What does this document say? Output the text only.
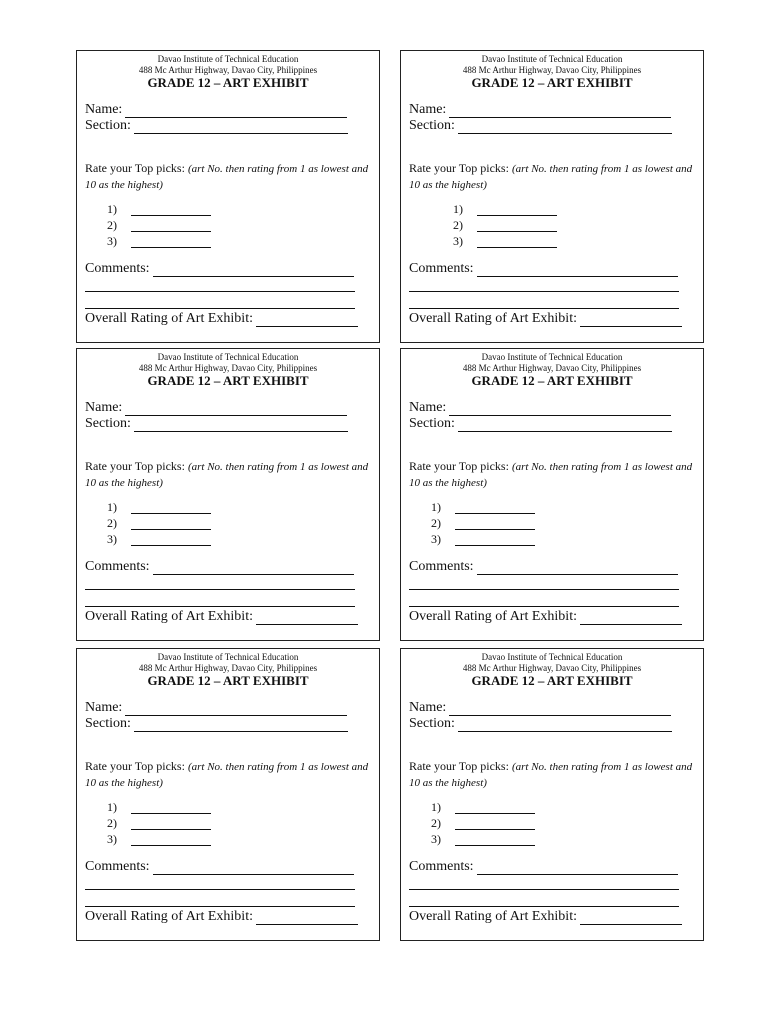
Davao Institute of Technical Education
488 Mc Arthur Highway, Davao City, Philippines
GRADE 12 – ART EXHIBIT
Name:
Section:
Rate your Top picks: (art No. then rating from 1 as lowest and 10 as the highest)
1)
2)
3)
Comments:
Overall Rating of Art Exhibit:
Davao Institute of Technical Education
488 Mc Arthur Highway, Davao City, Philippines
GRADE 12 – ART EXHIBIT
Name:
Section:
Rate your Top picks: (art No. then rating from 1 as lowest and 10 as the highest)
1)
2)
3)
Comments:
Overall Rating of Art Exhibit:
Davao Institute of Technical Education
488 Mc Arthur Highway, Davao City, Philippines
GRADE 12 – ART EXHIBIT
Name:
Section:
Rate your Top picks: (art No. then rating from 1 as lowest and 10 as the highest)
1)
2)
3)
Comments:
Overall Rating of Art Exhibit:
Davao Institute of Technical Education
488 Mc Arthur Highway, Davao City, Philippines
GRADE 12 – ART EXHIBIT
Name:
Section:
Rate your Top picks: (art No. then rating from 1 as lowest and 10 as the highest)
1)
2)
3)
Comments:
Overall Rating of Art Exhibit:
Davao Institute of Technical Education
488 Mc Arthur Highway, Davao City, Philippines
GRADE 12 – ART EXHIBIT
Name:
Section:
Rate your Top picks: (art No. then rating from 1 as lowest and 10 as the highest)
1)
2)
3)
Comments:
Overall Rating of Art Exhibit:
Davao Institute of Technical Education
488 Mc Arthur Highway, Davao City, Philippines
GRADE 12 – ART EXHIBIT
Name:
Section:
Rate your Top picks: (art No. then rating from 1 as lowest and 10 as the highest)
1)
2)
3)
Comments:
Overall Rating of Art Exhibit:
